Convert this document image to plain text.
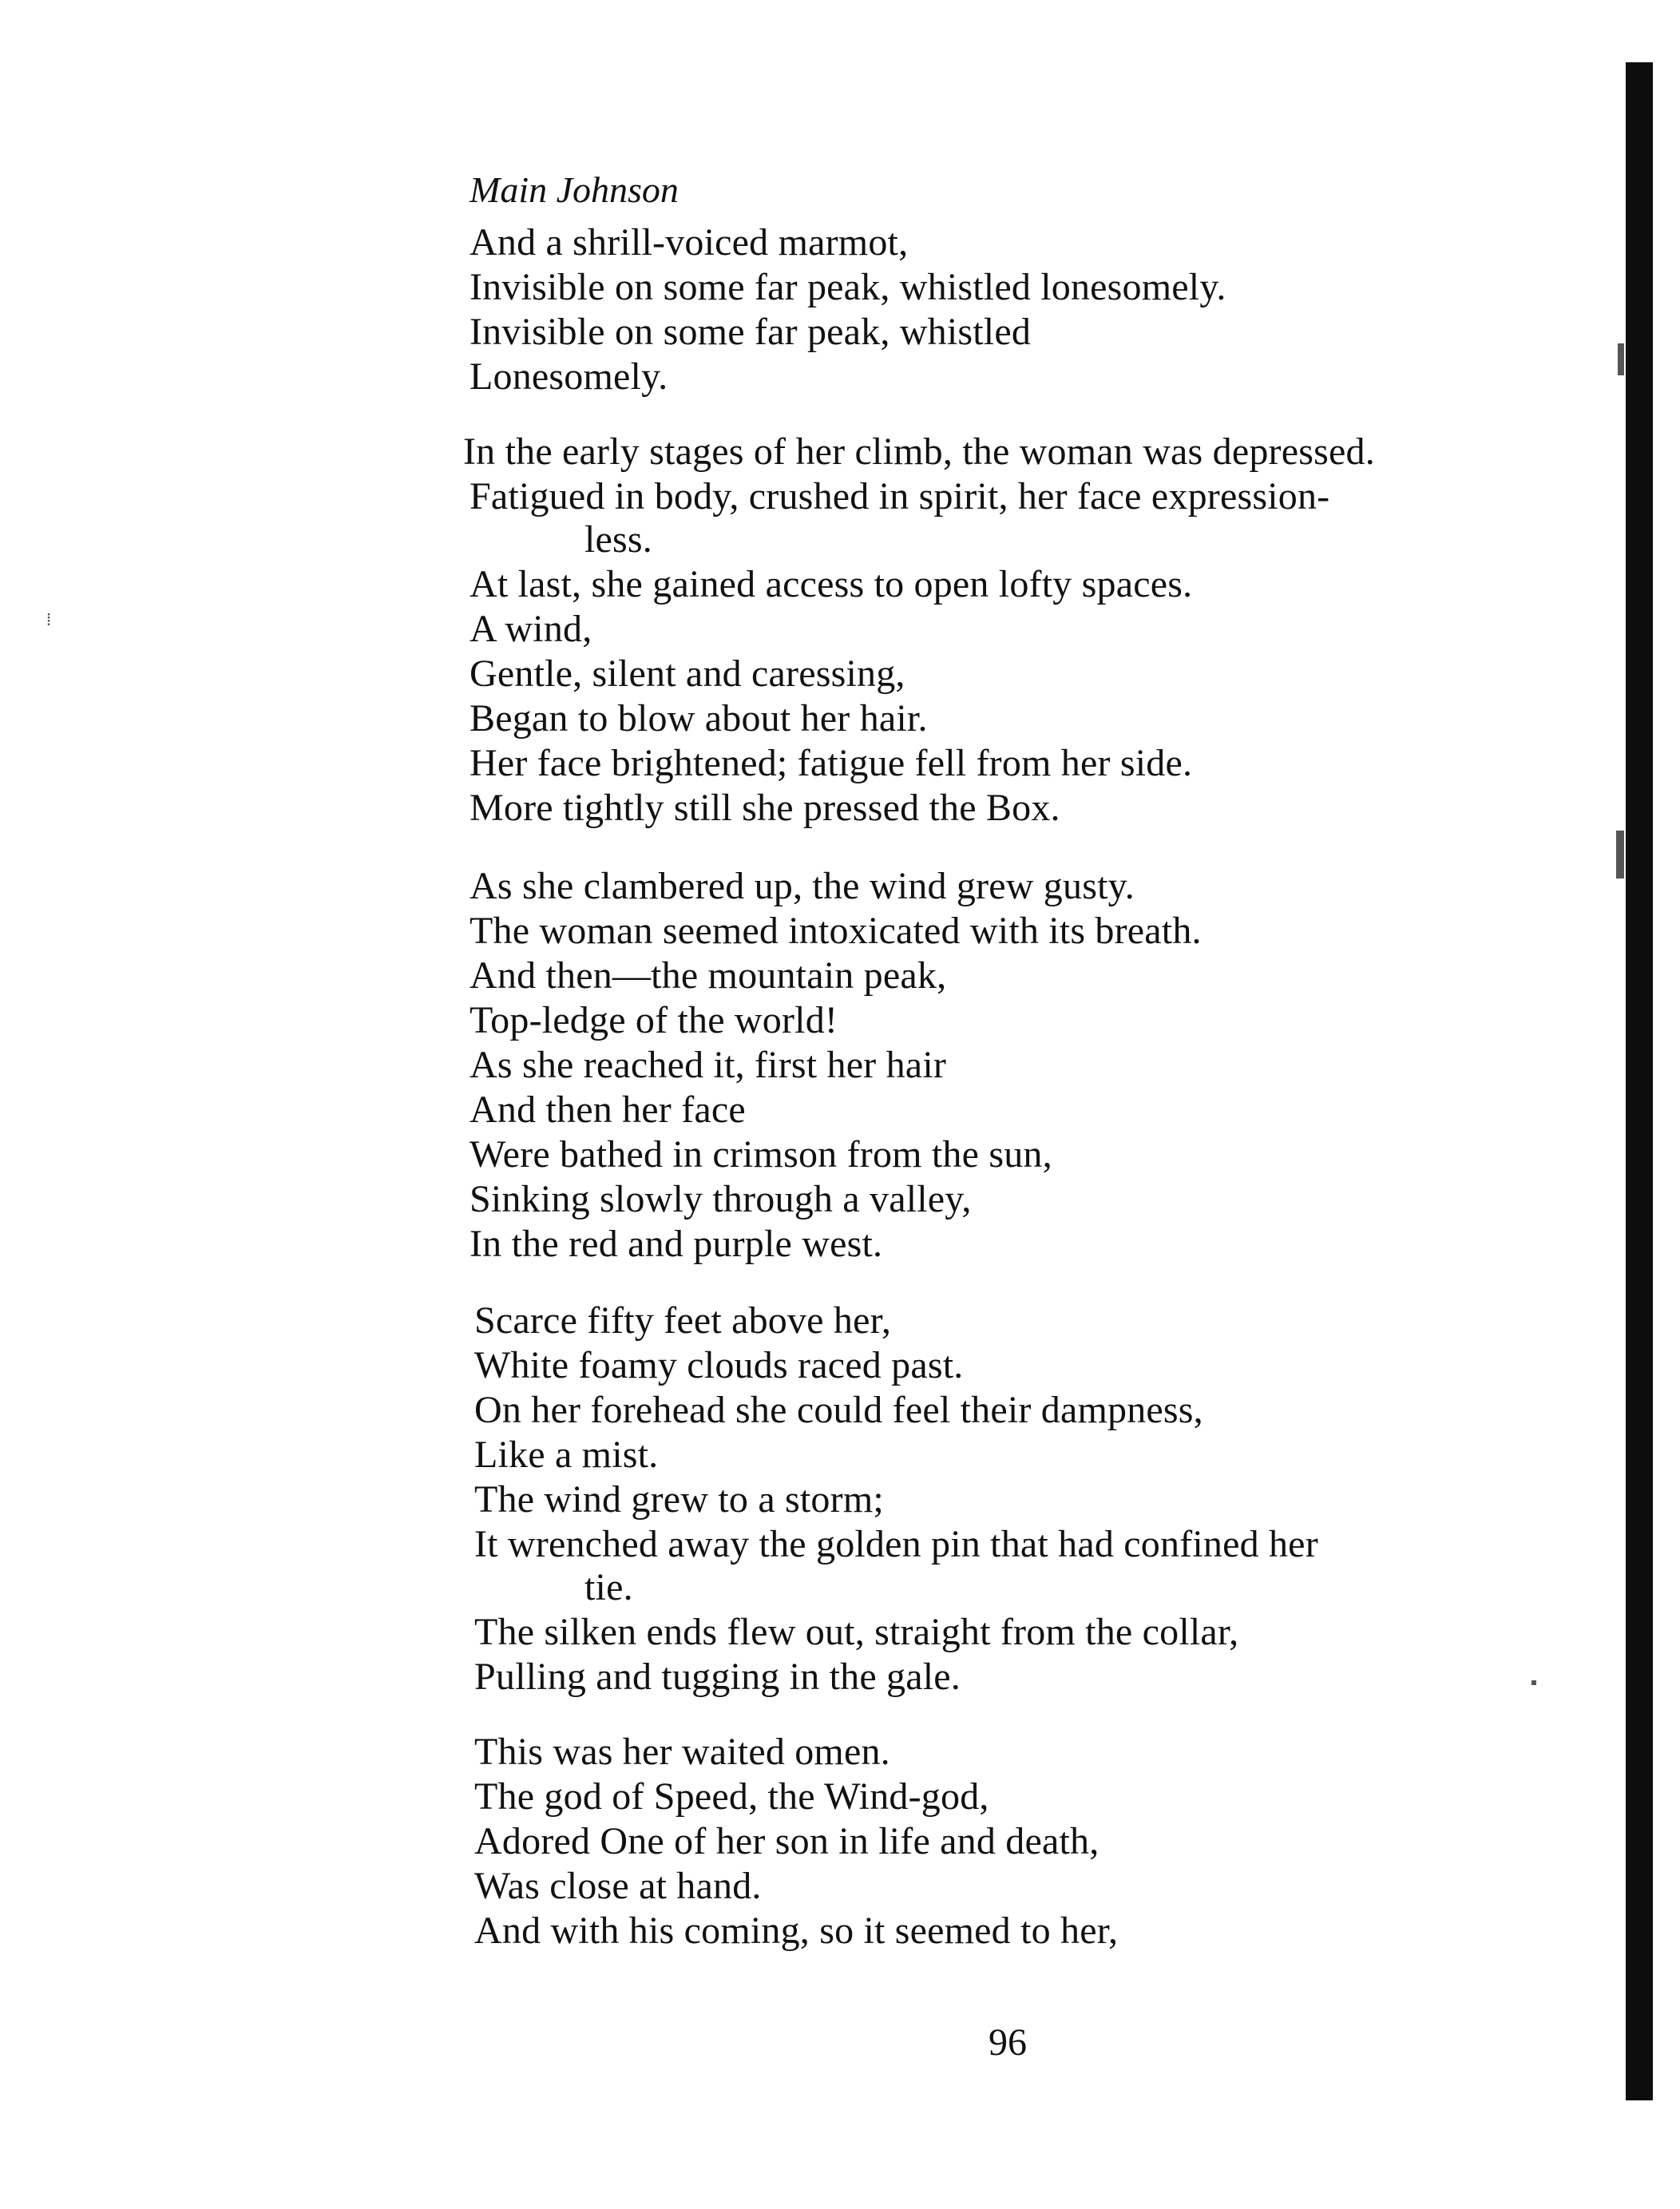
⁞
Main Johnson
And a shrill-voiced marmot,
Invisible on some far peak, whistled lonesomely.
Invisible on some far peak, whistled
Lonesomely.
In the early stages of her climb, the woman was depressed.
Fatigued in body, crushed in spirit, her face expression-
less.
At last, she gained access to open lofty spaces.
A wind,
Gentle, silent and caressing,
Began to blow about her hair.
Her face brightened; fatigue fell from her side.
More tightly still she pressed the Box.
As she clambered up, the wind grew gusty.
The woman seemed intoxicated with its breath.
And then—the mountain peak,
Top-ledge of the world!
As she reached it, first her hair
And then her face
Were bathed in crimson from the sun,
Sinking slowly through a valley,
In the red and purple west.
Scarce fifty feet above her,
White foamy clouds raced past.
On her forehead she could feel their dampness,
Like a mist.
The wind grew to a storm;
It wrenched away the golden pin that had confined her
tie.
The silken ends flew out, straight from the collar,
Pulling and tugging in the gale.
This was her waited omen.
The god of Speed, the Wind-god,
Adored One of her son in life and death,
Was close at hand.
And with his coming, so it seemed to her,
96
